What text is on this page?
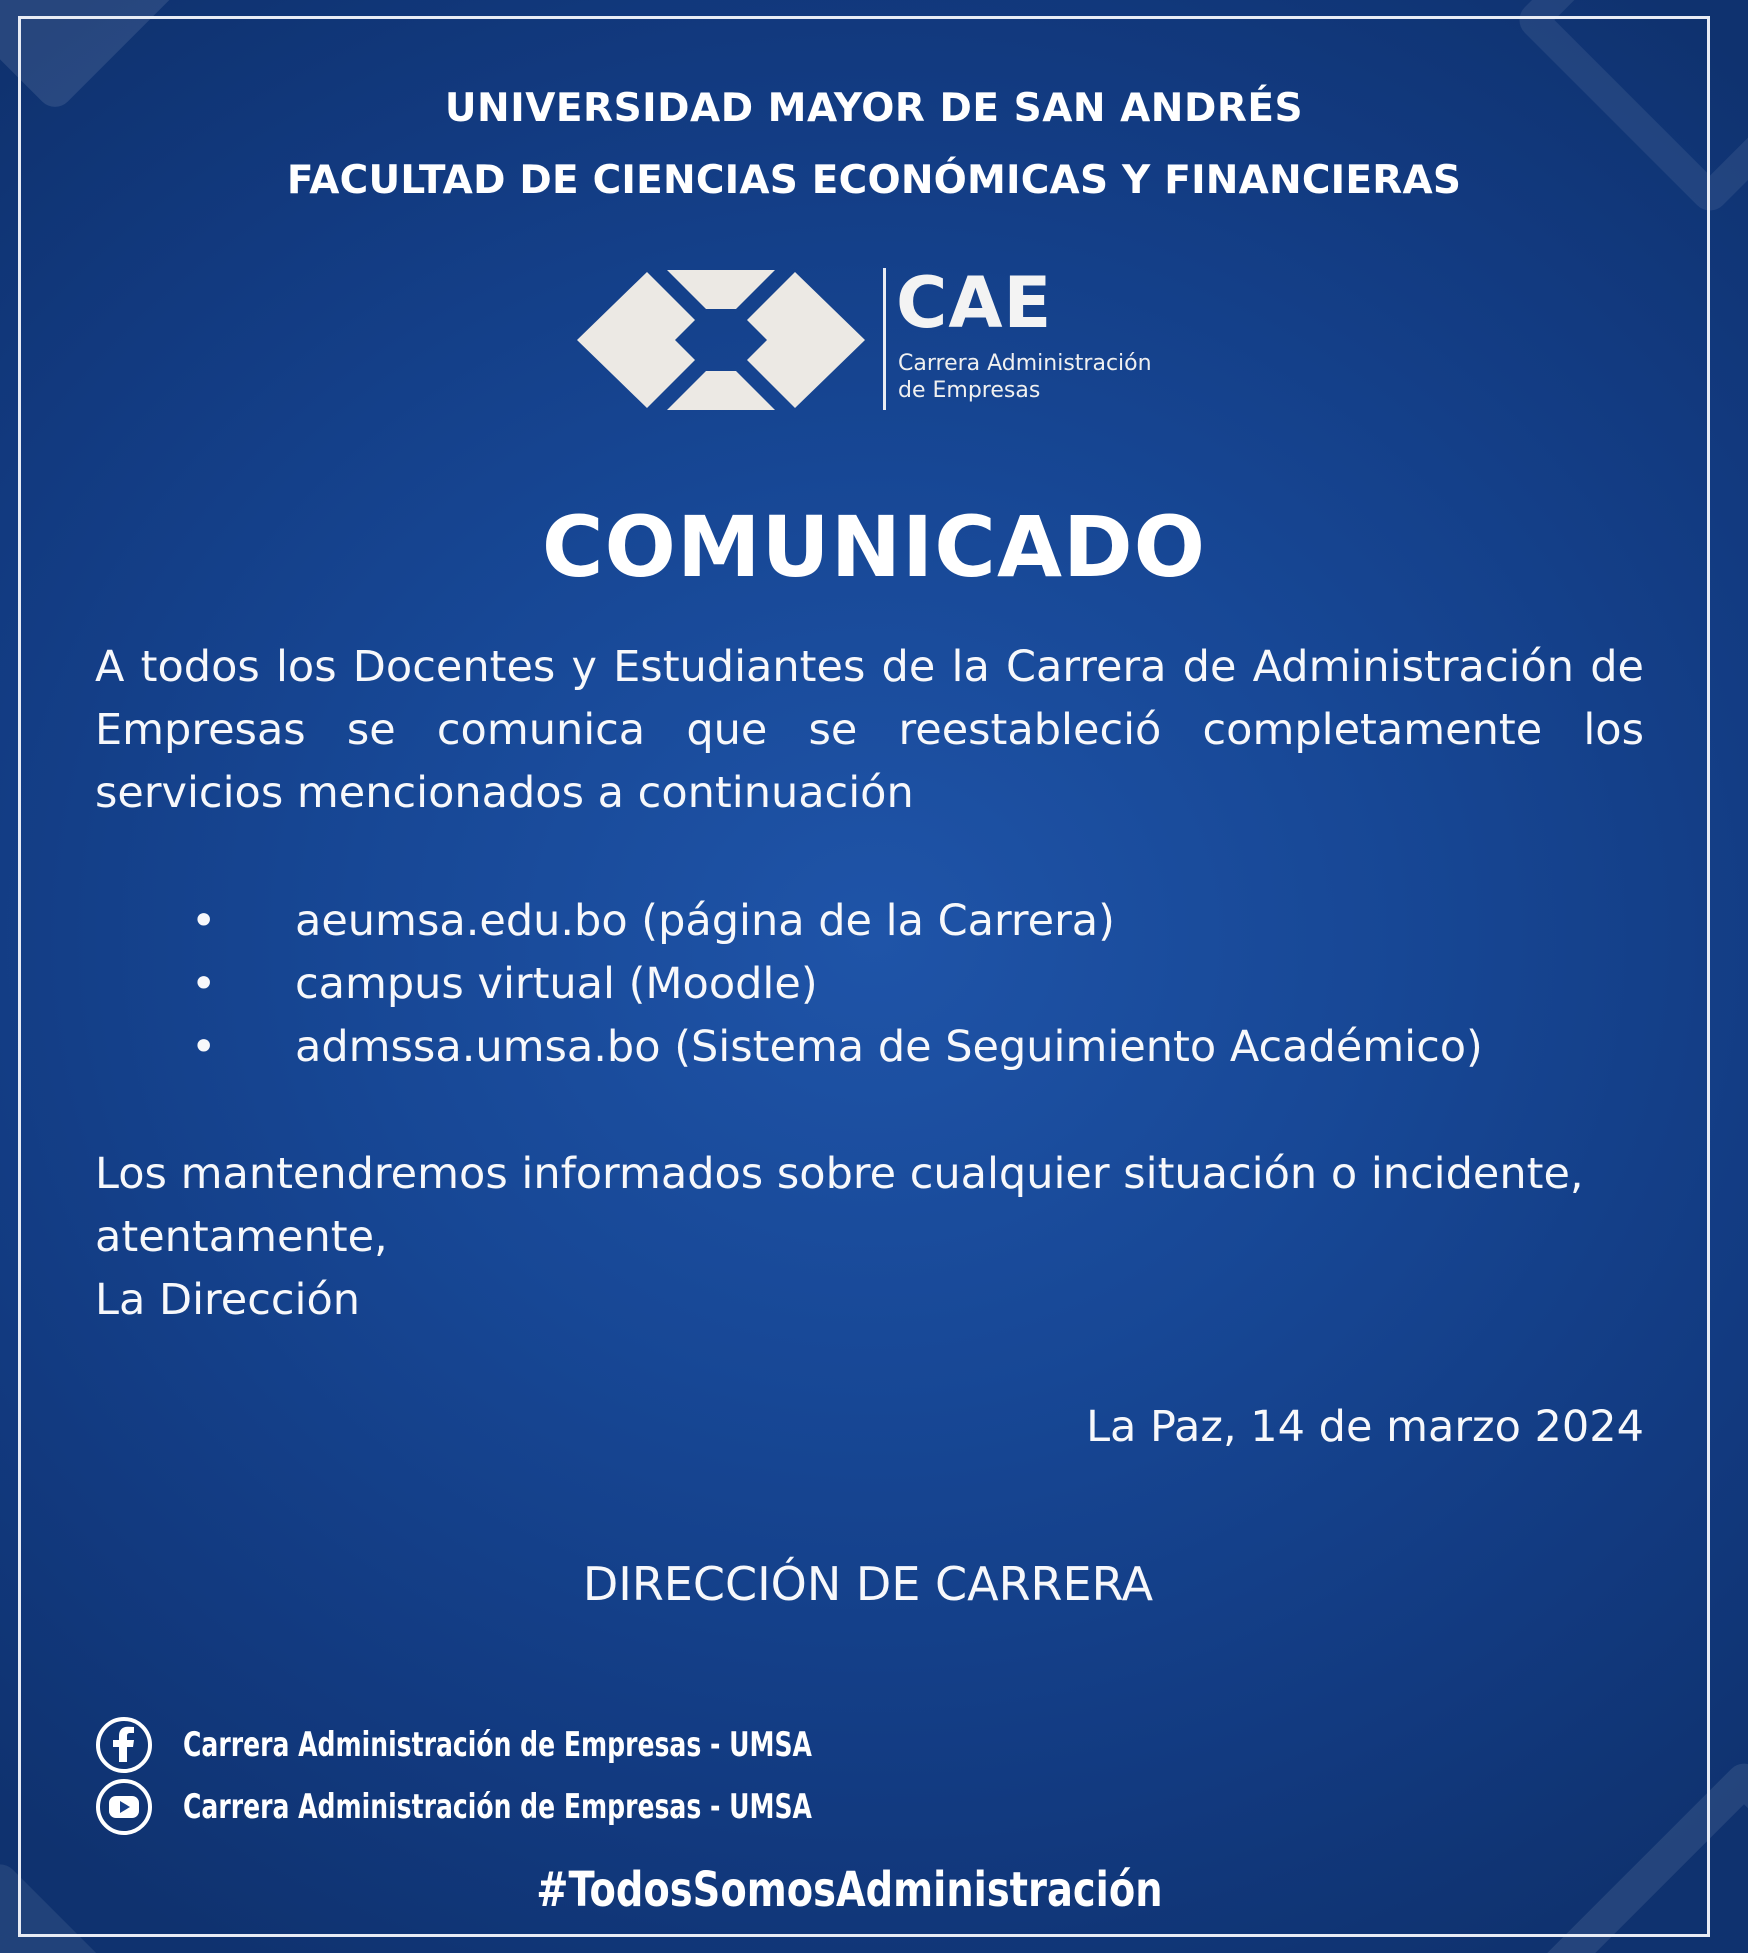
UNIVERSIDAD MAYOR DE SAN ANDRÉS
FACULTAD DE CIENCIAS ECONÓMICAS Y FINANCIERAS
CAE
Carrera Administración
de Empresas
COMUNICADO
A todos los Docentes y Estudiantes de la Carrera de Administración de Empresas se comunica que se reestableció completamente los servicios mencionados a continuación
• aeumsa.edu.bo (página de la Carrera)
• campus virtual (Moodle)
• admssa.umsa.bo (Sistema de Seguimiento Académico)
Los mantendremos informados sobre cualquier situación o incidente,
atentamente,
La Dirección
La Paz, 14 de marzo 2024
DIRECCIÓN DE CARRERA
Carrera Administración de Empresas - UMSA
Carrera Administración de Empresas - UMSA
#TodosSomosAdministración
